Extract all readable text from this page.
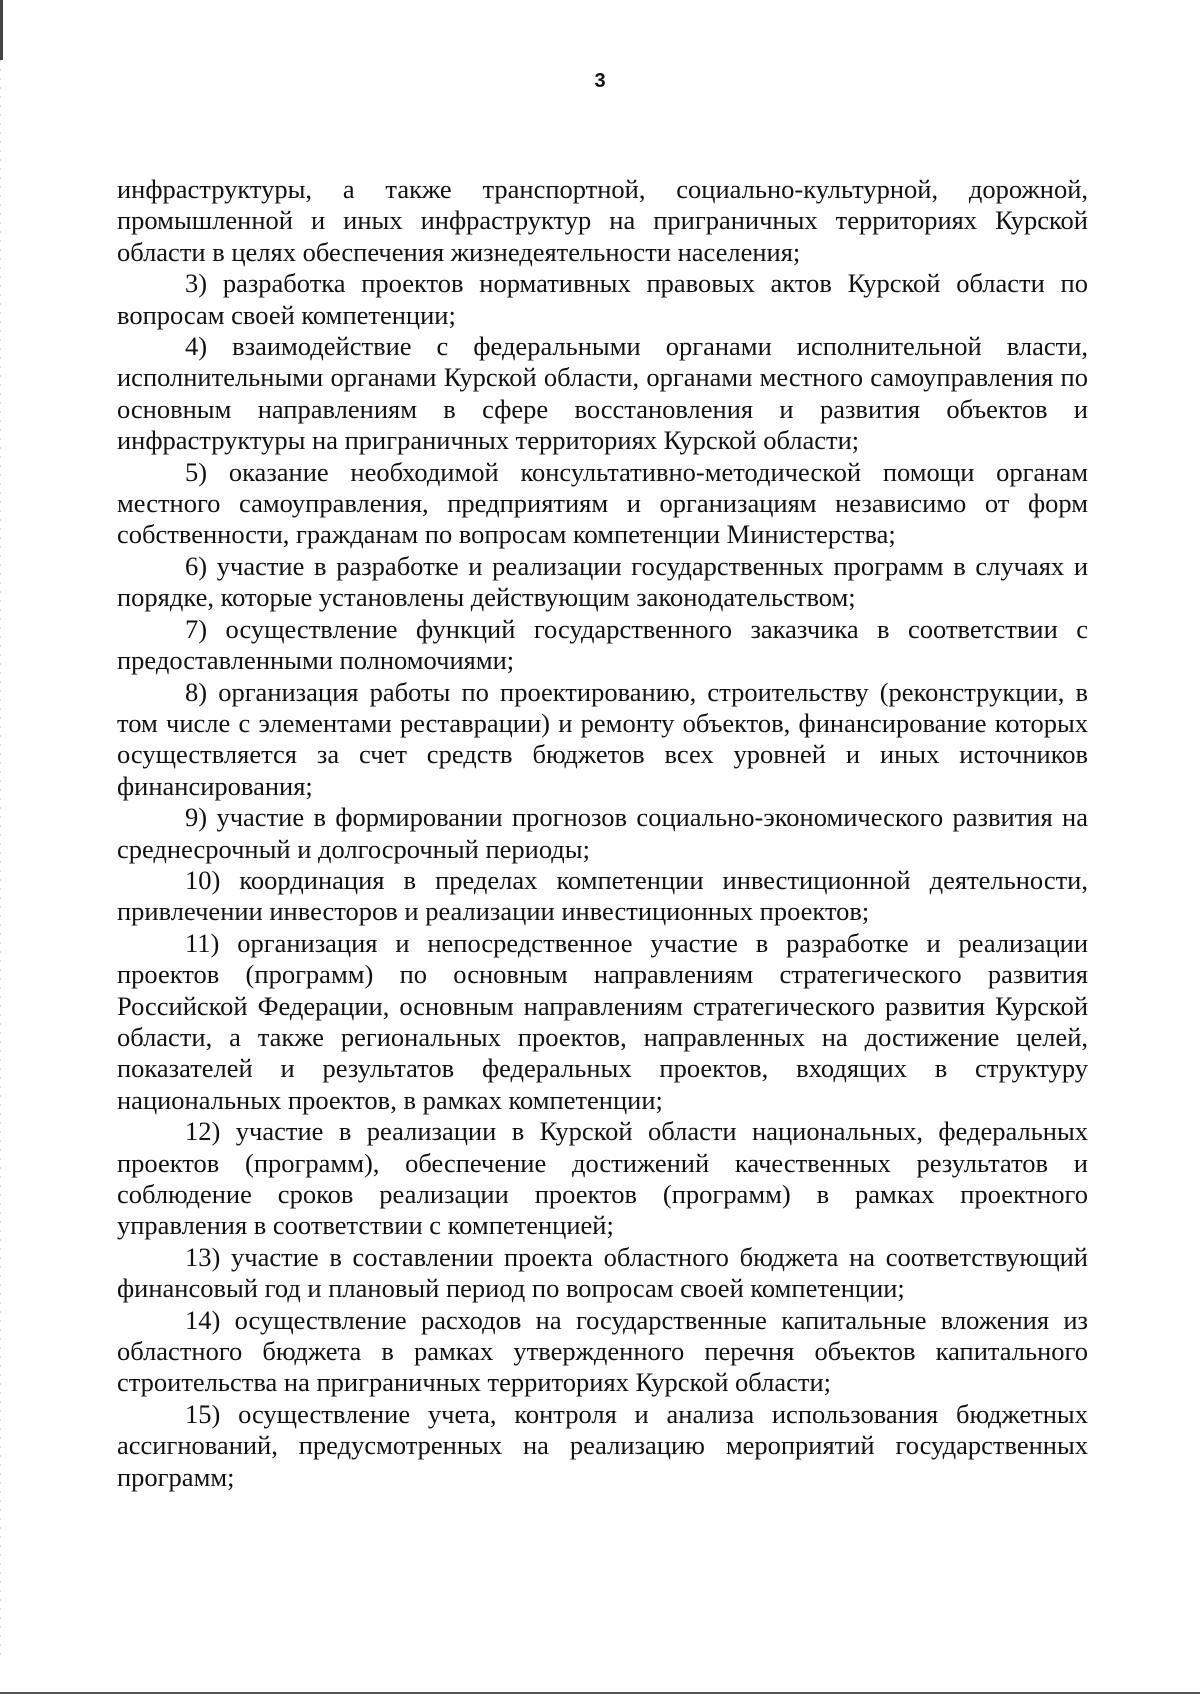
3

инфраструктуры, а также транспортной, социально-культурной, дорожной, промышленной и иных инфраструктур на приграничных территориях Курской области в целях обеспечения жизнедеятельности населения;

3) разработка проектов нормативных правовых актов Курской области по вопросам своей компетенции;

4) взаимодействие с федеральными органами исполнительной власти, исполнительными органами Курской области, органами местного самоуправления по основным направлениям в сфере восстановления и развития объектов и инфраструктуры на приграничных территориях Курской области;

5) оказание необходимой консультативно-методической помощи органам местного самоуправления, предприятиям и организациям независимо от форм собственности, гражданам по вопросам компетенции Министерства;

6) участие в разработке и реализации государственных программ в случаях и порядке, которые установлены действующим законодательством;

7) осуществление функций государственного заказчика в соответствии с предоставленными полномочиями;

8) организация работы по проектированию, строительству (реконструкции, в том числе с элементами реставрации) и ремонту объектов, финансирование которых осуществляется за счет средств бюджетов всех уровней и иных источников финансирования;

9) участие в формировании прогнозов социально-экономического развития на среднесрочный и долгосрочный периоды;

10) координация в пределах компетенции инвестиционной деятельности, привлечении инвесторов и реализации инвестиционных проектов;

11) организация и непосредственное участие в разработке и реализации проектов (программ) по основным направлениям стратегического развития Российской Федерации, основным направлениям стратегического развития Курской области, а также региональных проектов, направленных на достижение целей, показателей и результатов федеральных проектов, входящих в структуру национальных проектов, в рамках компетенции;

12) участие в реализации в Курской области национальных, федеральных проектов (программ), обеспечение достижений качественных результатов и соблюдение сроков реализации проектов (программ) в рамках проектного управления в соответствии с компетенцией;

13) участие в составлении проекта областного бюджета на соответствующий финансовый год и плановый период по вопросам своей компетенции;

14) осуществление расходов на государственные капитальные вложения из областного бюджета в рамках утвержденного перечня объектов капитального строительства на приграничных территориях Курской области;

15) осуществление учета, контроля и анализа использования бюджетных ассигнований, предусмотренных на реализацию мероприятий государственных программ;
